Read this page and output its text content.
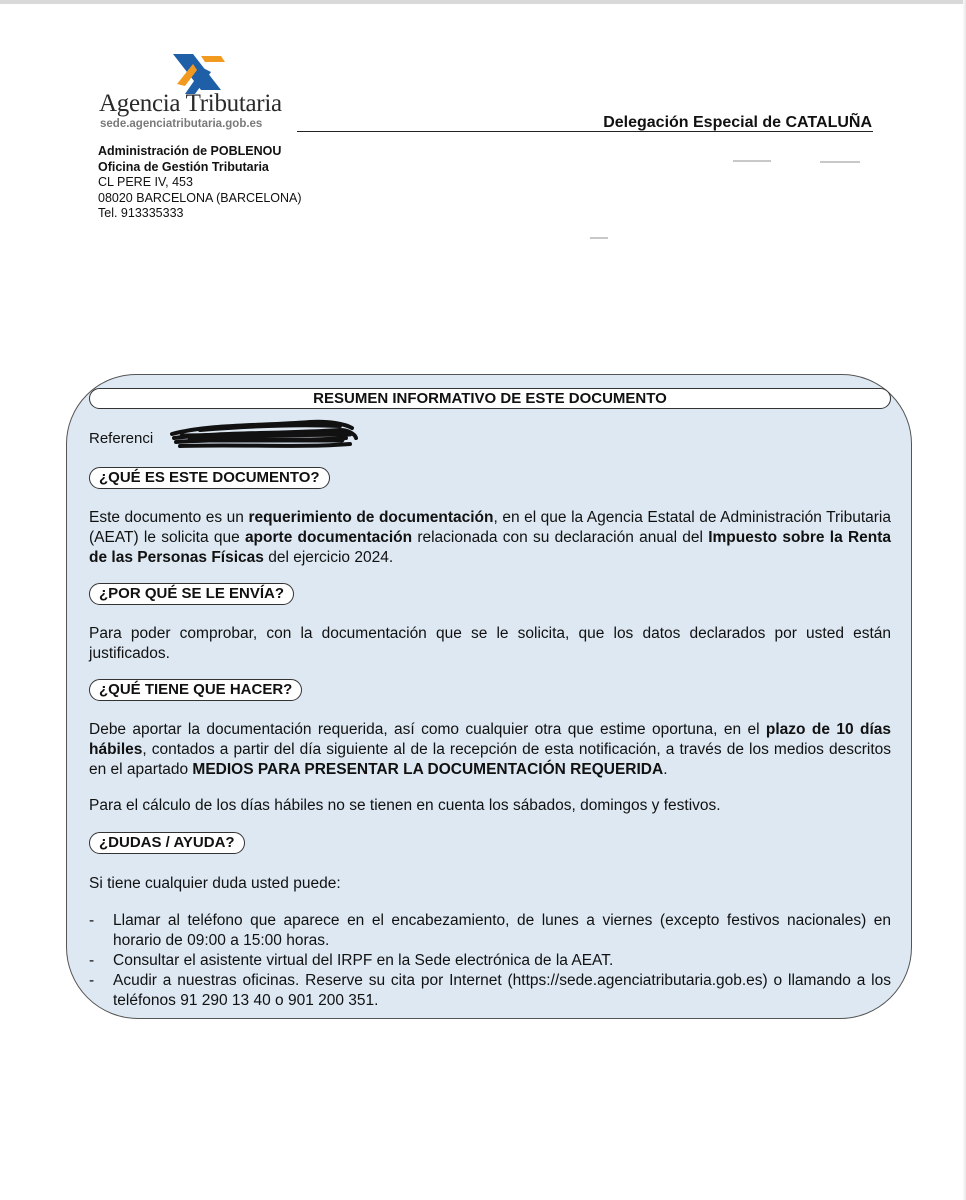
Agencia Tributaria
sede.agenciatributaria.gob.es	Delegación Especial de CATALUÑA
Administración de POBLENOU
Oficina de Gestión Tributaria
CL PERE IV, 453
08020 BARCELONA (BARCELONA)
Tel. 913335333
RESUMEN INFORMATIVO DE ESTE DOCUMENTO
Referenci
¿QUÉ ES ESTE DOCUMENTO?
Este documento es un requerimiento de documentación, en el que la Agencia Estatal de Administración Tributaria (AEAT) le solicita que aporte documentación relacionada con su declaración anual del Impuesto sobre la Renta de las Personas Físicas del ejercicio 2024.
¿POR QUÉ SE LE ENVÍA?
Para poder comprobar, con la documentación que se le solicita, que los datos declarados por usted están justificados.
¿QUÉ TIENE QUE HACER?
Debe aportar la documentación requerida, así como cualquier otra que estime oportuna, en el plazo de 10 días hábiles, contados a partir del día siguiente al de la recepción de esta notificación, a través de los medios descritos en el apartado MEDIOS PARA PRESENTAR LA DOCUMENTACIÓN REQUERIDA.
Para el cálculo de los días hábiles no se tienen en cuenta los sábados, domingos y festivos.
¿DUDAS / AYUDA?
Si tiene cualquier duda usted puede:
- Llamar al teléfono que aparece en el encabezamiento, de lunes a viernes (excepto festivos nacionales) en horario de 09:00 a 15:00 horas.
- Consultar el asistente virtual del IRPF en la Sede electrónica de la AEAT.
- Acudir a nuestras oficinas. Reserve su cita por Internet (https://sede.agenciatributaria.gob.es) o llamando a los teléfonos 91 290 13 40 o 901 200 351.
